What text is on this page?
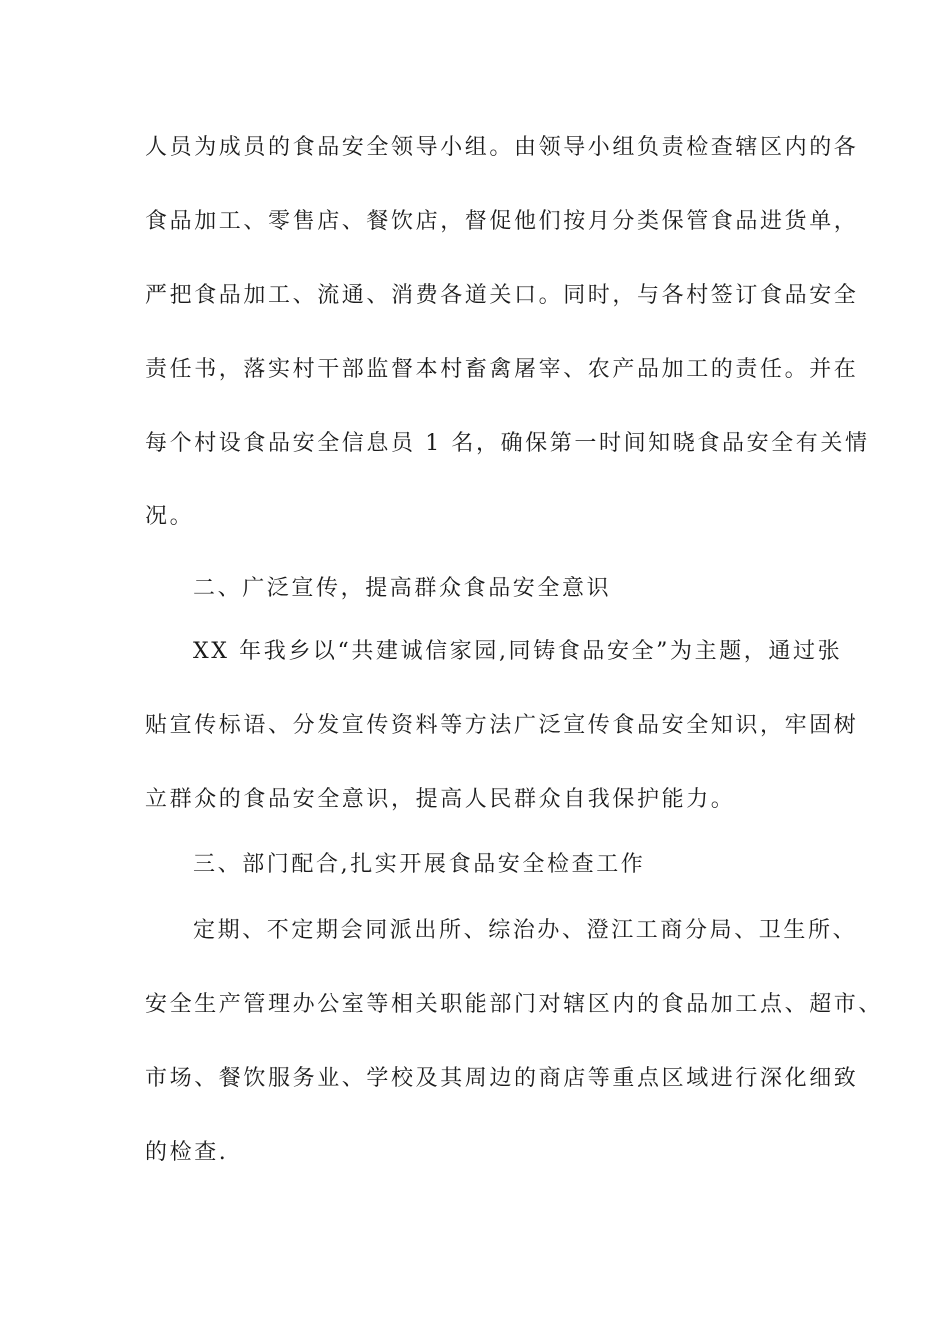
人员为成员的食品安全领导小组。由领导小组负责检查辖区内的各
食品加工、零售店、餐饮店，督促他们按月分类保管食品进货单，
严把食品加工、流通、消费各道关口。同时，与各村签订食品安全
责任书，落实村干部监督本村畜禽屠宰、农产品加工的责任。并在
每个村设食品安全信息员 1 名，确保第一时间知晓食品安全有关情
况。
二、广泛宣传，提高群众食品安全意识
XX 年我乡以“共建诚信家园,同铸食品安全”为主题，通过张
贴宣传标语、分发宣传资料等方法广泛宣传食品安全知识，牢固树
立群众的食品安全意识，提高人民群众自我保护能力。
三、部门配合,扎实开展食品安全检查工作
定期、不定期会同派出所、综治办、澄江工商分局、卫生所、
安全生产管理办公室等相关职能部门对辖区内的食品加工点、超市、
市场、餐饮服务业、学校及其周边的商店等重点区域进行深化细致
的检查.
